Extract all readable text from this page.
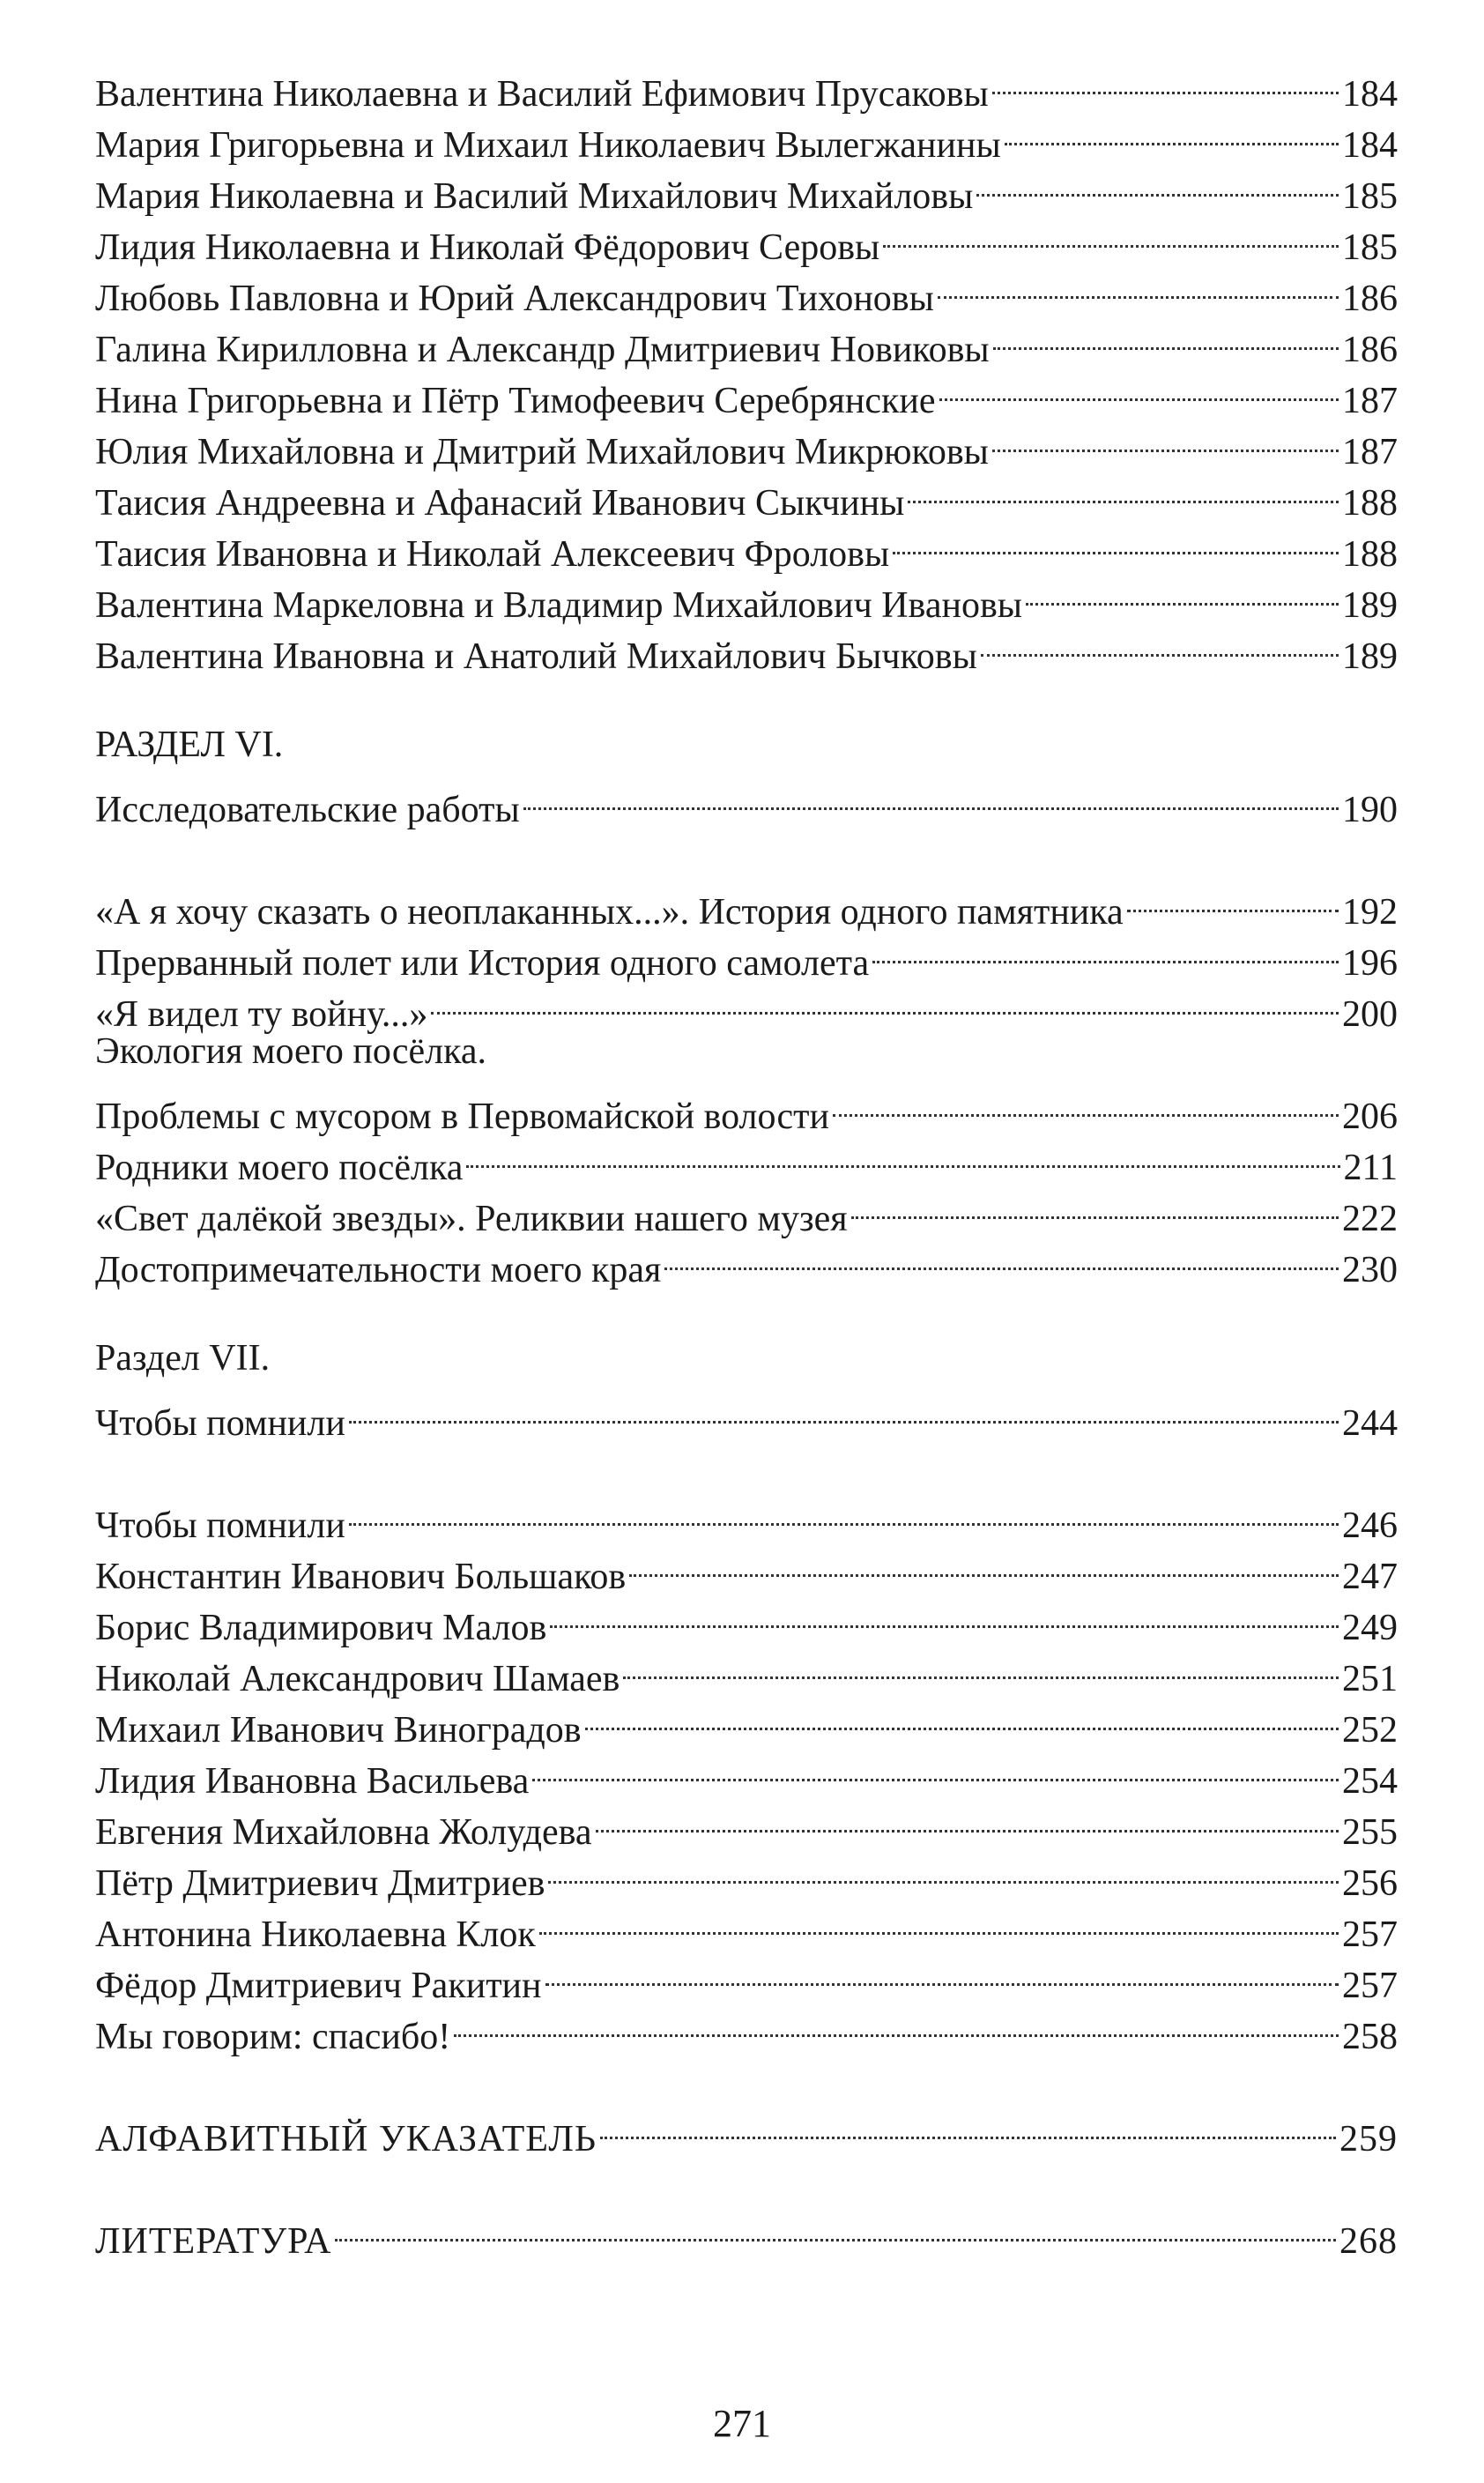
Валентина Николаевна и Василий Ефимович Прусаковы	184
Мария Григорьевна и Михаил Николаевич Вылегжанины	184
Мария Николаевна и Василий Михайлович Михайловы	185
Лидия Николаевна и Николай Фёдорович Серовы	185
Любовь Павловна и Юрий Александрович Тихоновы	186
Галина Кирилловна и Александр Дмитриевич Новиковы	186
Нина Григорьевна и Пётр Тимофеевич Серебрянские	187
Юлия Михайловна и Дмитрий Михайлович Микрюковы	187
Таисия Андреевна и Афанасий Иванович Сыкчины	188
Таисия Ивановна и Николай Алексеевич Фроловы	188
Валентина Маркеловна и Владимир Михайлович Ивановы	189
Валентина Ивановна и Анатолий Михайлович Бычковы	189
РАЗДЕЛ VI.
Исследовательские работы	190
«А я хочу сказать о неоплаканных...». История одного памятника	192
Прерванный полет или История одного самолета	196
«Я видел ту войну...»	200
Экология моего посёлка.
Проблемы с мусором в Первомайской волости	206
Родники моего посёлка	211
«Свет далёкой звезды». Реликвии нашего музея	222
Достопримечательности моего края	230
Раздел VII.
Чтобы помнили	244
Чтобы помнили	246
Константин Иванович Большаков	247
Борис Владимирович Малов	249
Николай Александрович Шамаев	251
Михаил Иванович Виноградов	252
Лидия Ивановна Васильева	254
Евгения Михайловна Жолудева	255
Пётр Дмитриевич Дмитриев	256
Антонина Николаевна Клок	257
Фёдор Дмитриевич Ракитин	257
Мы говорим: спасибо!	258
АЛФАВИТНЫЙ УКАЗАТЕЛЬ	259
ЛИТЕРАТУРА	268
271
